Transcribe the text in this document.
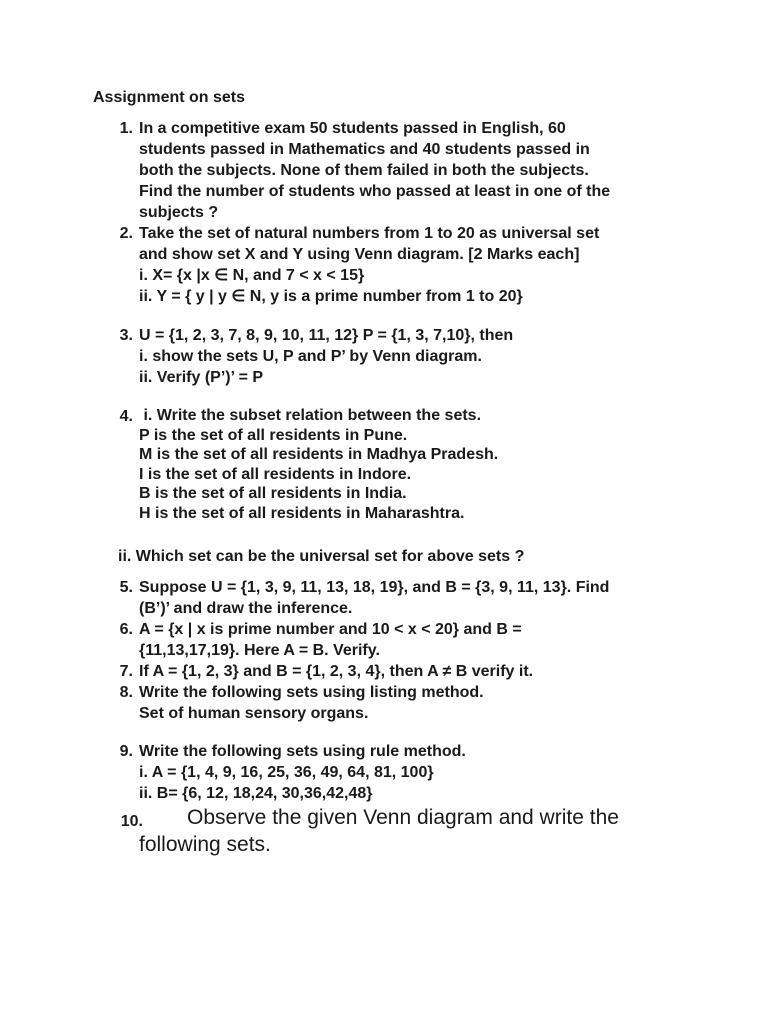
Assignment on sets
1. In a competitive exam 50 students passed in English, 60
students passed in Mathematics and 40 students passed in
both the subjects. None of them failed in both the subjects.
Find the number of students who passed at least in one of the
subjects ?
2. Take the set of natural numbers from 1 to 20 as universal set
and show set X and Y using Venn diagram. [2 Marks each]
i. X= {x |x ∈ N, and 7 < x < 15}
ii. Y = { y | y ∈ N, y is a prime number from 1 to 20}
3. U = {1, 2, 3, 7, 8, 9, 10, 11, 12} P = {1, 3, 7,10}, then
i. show the sets U, P and P’ by Venn diagram.
ii. Verify (P’)’ = P
4. i. Write the subset relation between the sets.
P is the set of all residents in Pune.
M is the set of all residents in Madhya Pradesh.
I is the set of all residents in Indore.
B is the set of all residents in India.
H is the set of all residents in Maharashtra.
ii. Which set can be the universal set for above sets ?
5. Suppose U = {1, 3, 9, 11, 13, 18, 19}, and B = {3, 9, 11, 13}. Find
(B’)’ and draw the inference.
6. A = {x | x is prime number and 10 < x < 20} and B =
{11,13,17,19}. Here A = B. Verify.
7. If A = {1, 2, 3} and B = {1, 2, 3, 4}, then A ≠ B verify it.
8. Write the following sets using listing method.
Set of human sensory organs.
9. Write the following sets using rule method.
i. A = {1, 4, 9, 16, 25, 36, 49, 64, 81, 100}
ii. B= {6, 12, 18,24, 30,36,42,48}
10.	Observe the given Venn diagram and write the
following sets.
